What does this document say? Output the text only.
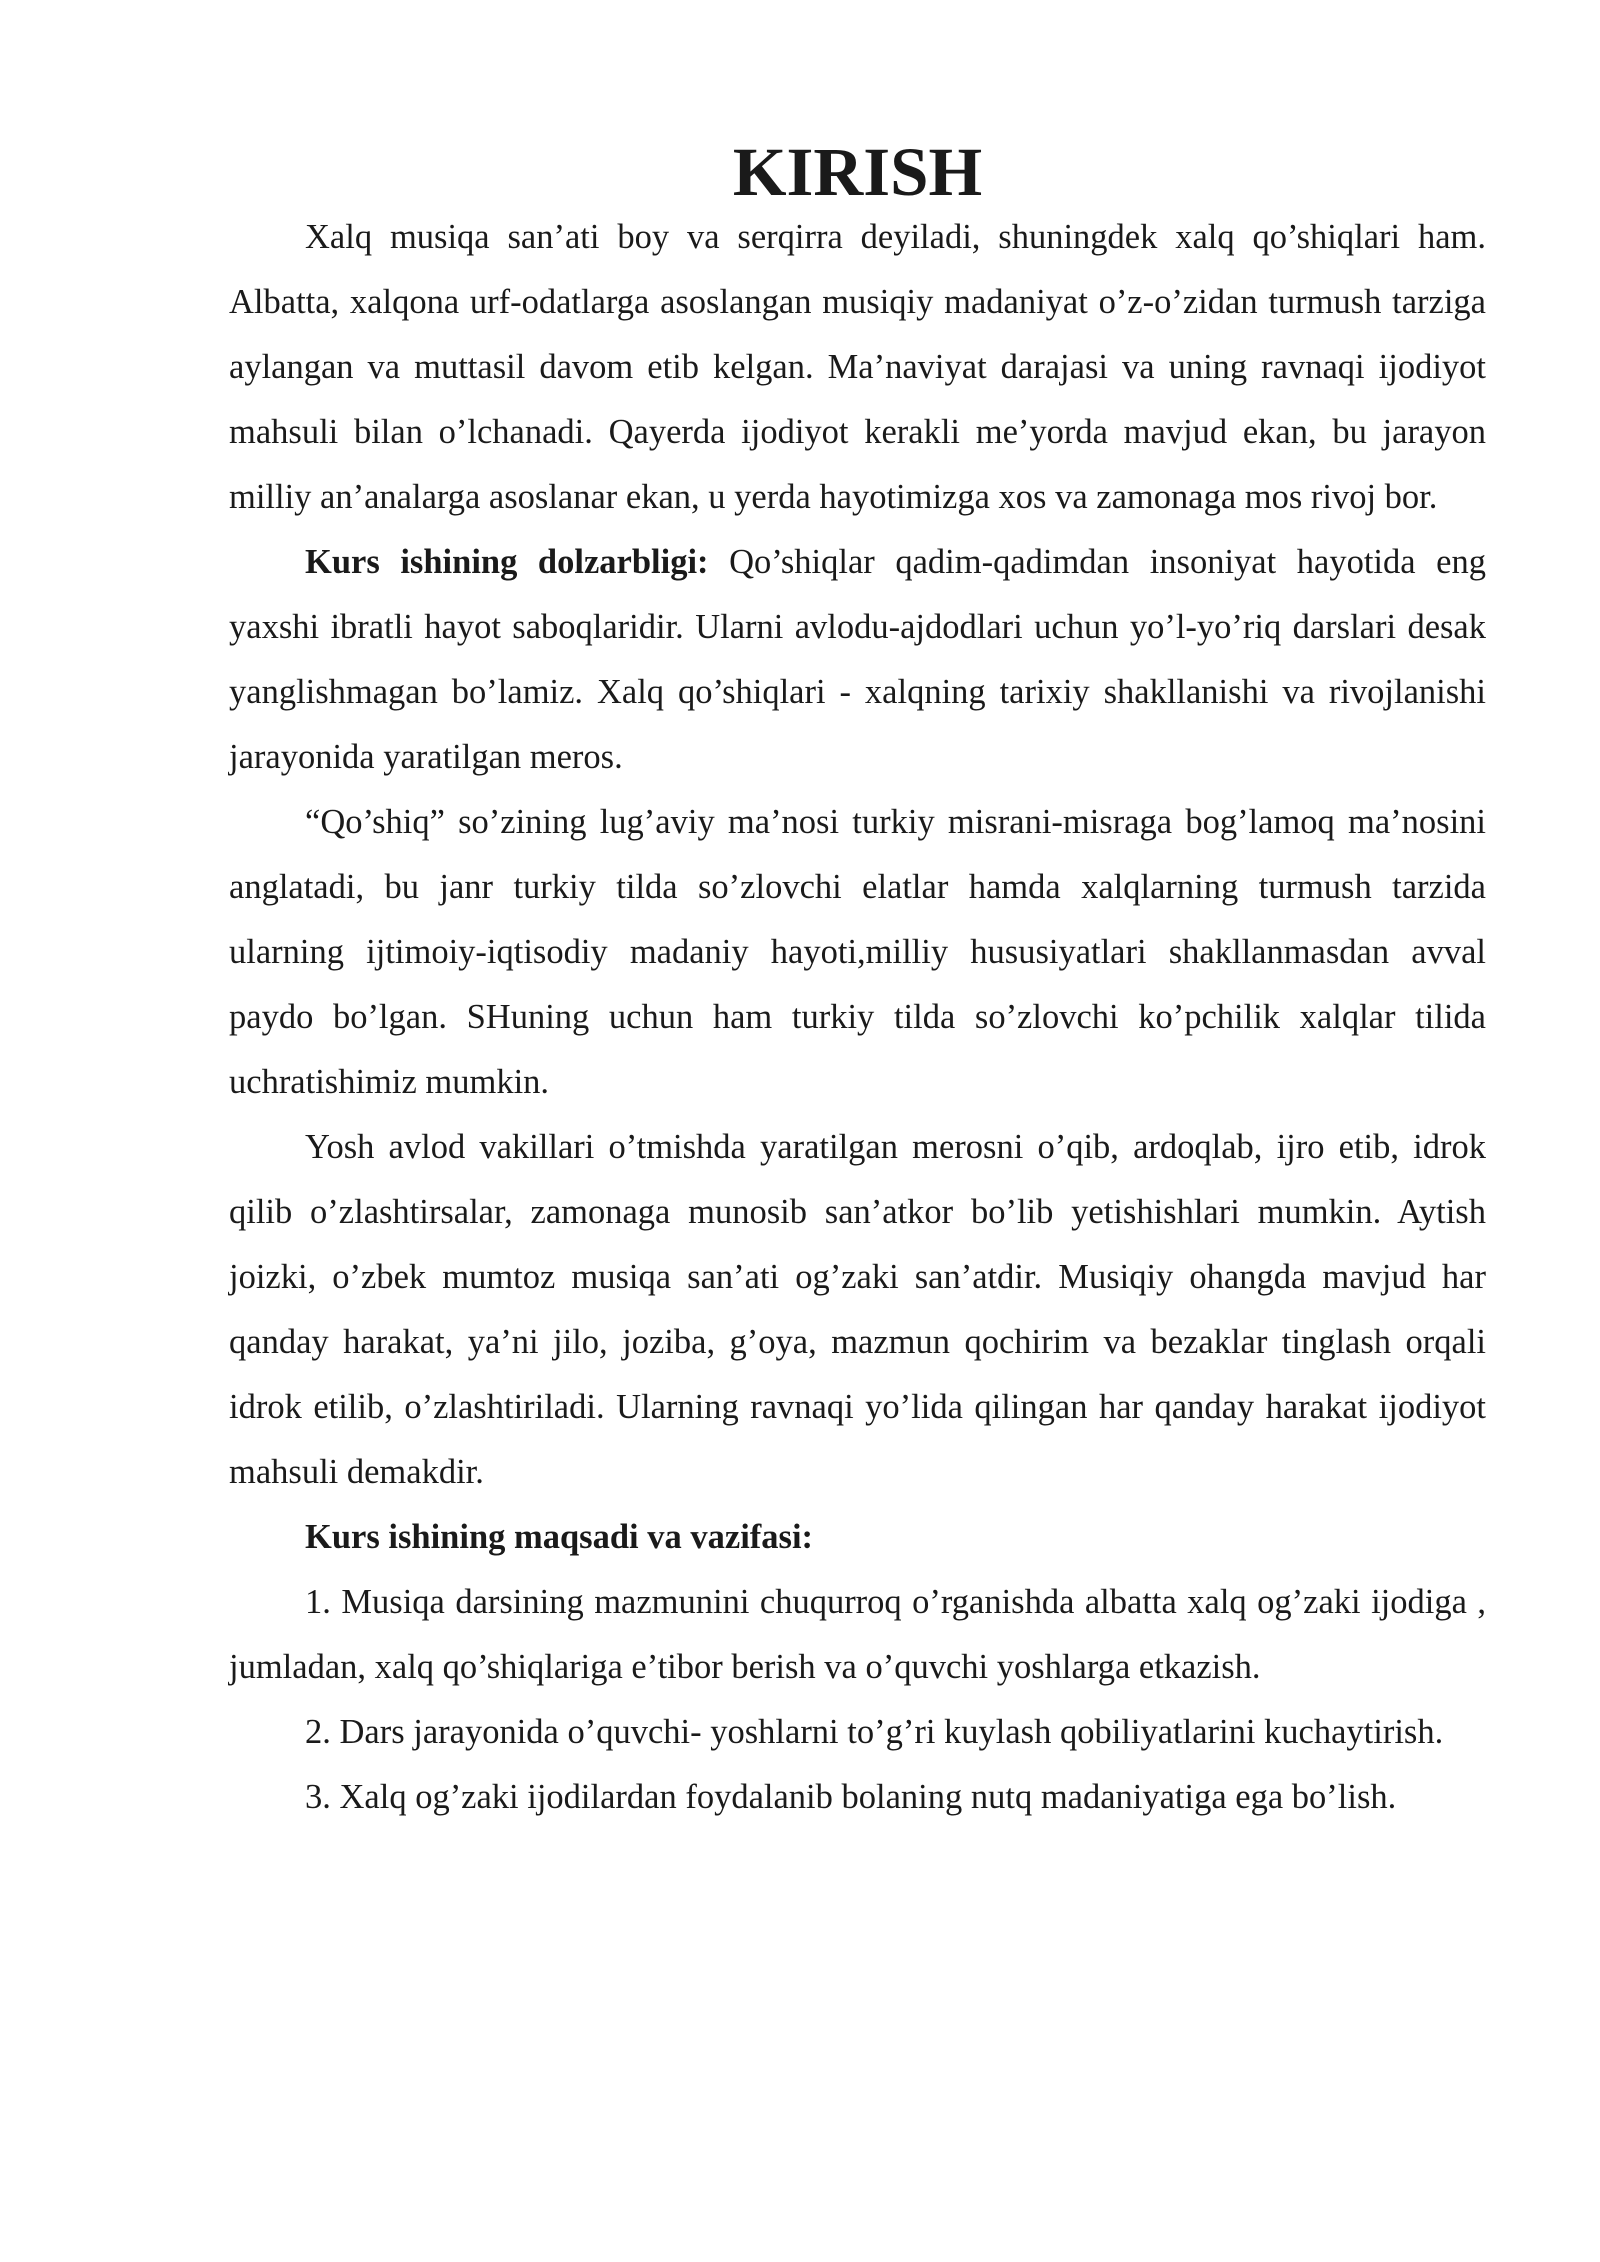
KIRISH

Xalq musiqa san’ati boy va serqirra deyiladi, shuningdek xalq qo’shiqlari ham. Albatta, xalqona urf-odatlarga asoslangan musiqiy madaniyat o’z-o’zidan turmush tarziga aylangan va muttasil davom etib kelgan. Ma’naviyat darajasi va uning ravnaqi ijodiyot mahsuli bilan o’lchanadi. Qayerda ijodiyot kerakli me’yorda mavjud ekan, bu jarayon milliy an’analarga asoslanar ekan, u yerda hayotimizga xos va zamonaga mos rivoj bor.

Kurs ishining dolzarbligi: Qo’shiqlar qadim-qadimdan insoniyat hayotida eng yaxshi ibratli hayot saboqlaridir. Ularni avlodu-ajdodlari uchun yo’l-yo’riq darslari desak yanglishmagan bo’lamiz. Xalq qo’shiqlari - xalqning tarixiy shakllanishi va rivojlanishi jarayonida yaratilgan meros.

“Qo’shiq” so’zining lug’aviy ma’nosi turkiy misrani-misraga bog’lamoq ma’nosini anglatadi, bu janr turkiy tilda so’zlovchi elatlar hamda xalqlarning turmush tarzida ularning ijtimoiy-iqtisodiy madaniy hayoti,milliy hususiyatlari shakllanmasdan avval paydo bo’lgan. SHuning uchun ham turkiy tilda so’zlovchi ko’pchilik xalqlar tilida uchratishimiz mumkin.

Yosh avlod vakillari o’tmishda yaratilgan merosni o’qib, ardoqlab, ijro etib, idrok qilib o’zlashtirsalar, zamonaga munosib san’atkor bo’lib yetishishlari mumkin. Aytish joizki, o’zbek mumtoz musiqa san’ati og’zaki san’atdir. Musiqiy ohangda mavjud har qanday harakat, ya’ni jilo, joziba, g’oya, mazmun qochirim va bezaklar tinglash orqali idrok etilib, o’zlashtiriladi. Ularning ravnaqi yo’lida qilingan har qanday harakat ijodiyot mahsuli demakdir.

Kurs ishining maqsadi va vazifasi:

1. Musiqa darsining mazmunini chuqurroq o’rganishda albatta xalq og’zaki ijodiga , jumladan, xalq qo’shiqlariga e’tibor berish va o’quvchi yoshlarga etkazish.

2. Dars jarayonida o’quvchi- yoshlarni to’g’ri kuylash qobiliyatlarini kuchaytirish.

3. Xalq og’zaki ijodilardan foydalanib bolaning nutq madaniyatiga ega bo’lish.
